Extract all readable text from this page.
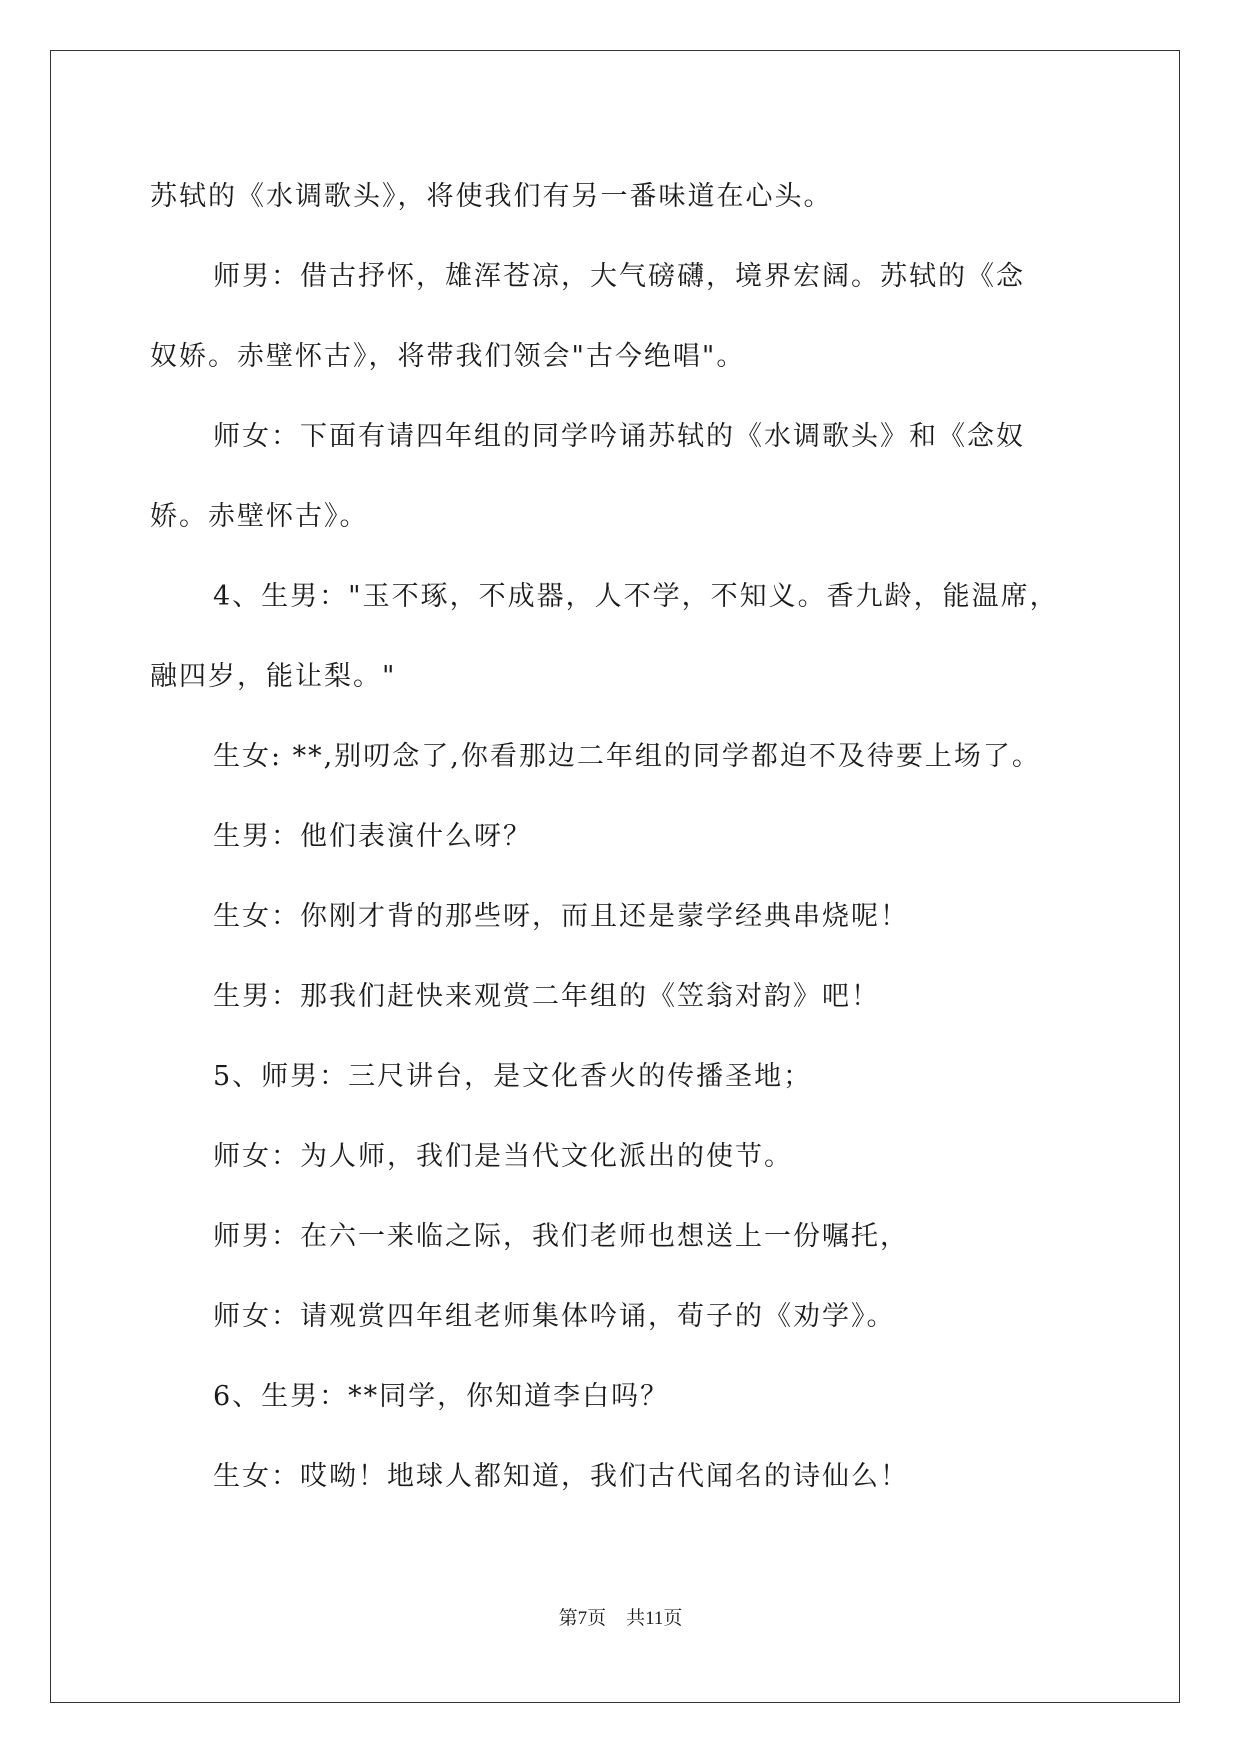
苏轼的《水调歌头》，将使我们有另一番味道在心头。

师男：借古抒怀，雄浑苍凉，大气磅礴，境界宏阔。苏轼的《念

奴娇。赤壁怀古》，将带我们领会"古今绝唱"。

师女：下面有请四年组的同学吟诵苏轼的《水调歌头》和《念奴

娇。赤壁怀古》。

4、生男："玉不琢，不成器，人不学，不知义。香九龄，能温席，

融四岁，能让梨。"

生女: **,别叨念了,你看那边二年组的同学都迫不及待要上场了。

生男：他们表演什么呀？

生女：你刚才背的那些呀，而且还是蒙学经典串烧呢！

生男：那我们赶快来观赏二年组的《笠翁对韵》吧！

5、师男：三尺讲台，是文化香火的传播圣地；

师女：为人师，我们是当代文化派出的使节。

师男：在六一来临之际，我们老师也想送上一份嘱托，

师女：请观赏四年组老师集体吟诵，荀子的《劝学》。

6、生男：**同学，你知道李白吗？

生女：哎呦！地球人都知道，我们古代闻名的诗仙么！

第7页 共11页
